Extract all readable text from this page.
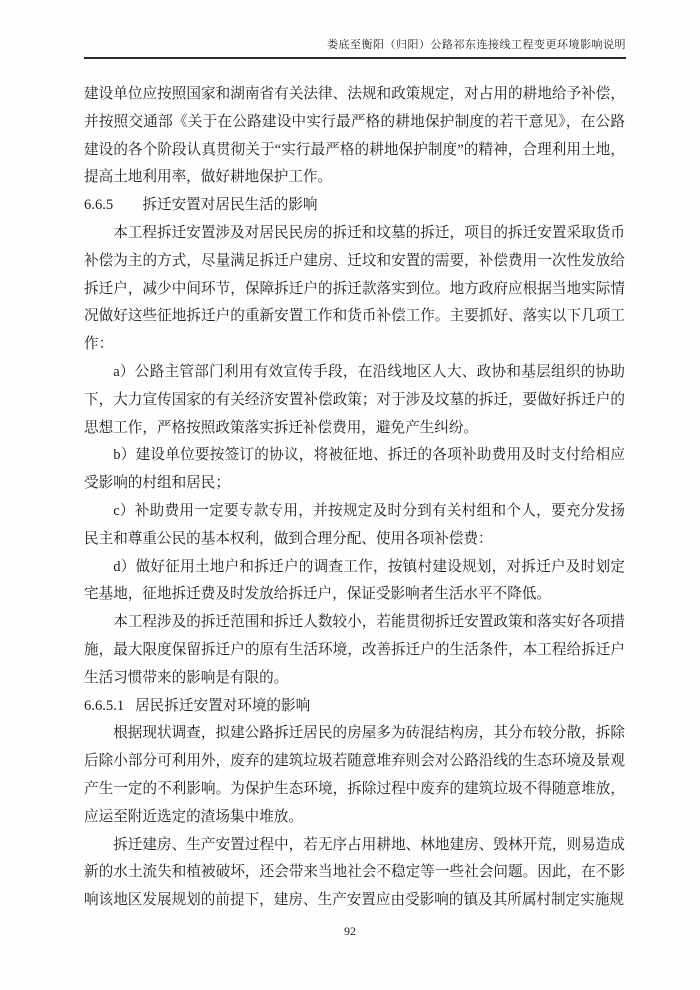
娄底至衡阳（归阳）公路祁东连接线工程变更环境影响说明

建设单位应按照国家和湖南省有关法律、法规和政策规定，对占用的耕地给予补偿，并按照交通部《关于在公路建设中实行最严格的耕地保护制度的若干意见》，在公路建设的各个阶段认真贯彻关于“实行最严格的耕地保护制度”的精神，合理利用土地，提高土地利用率，做好耕地保护工作。

6.6.5 拆迁安置对居民生活的影响

本工程拆迁安置涉及对居民民房的拆迁和坟墓的拆迁，项目的拆迁安置采取货币补偿为主的方式，尽量满足拆迁户建房、迁坟和安置的需要，补偿费用一次性发放给拆迁户，减少中间环节，保障拆迁户的拆迁款落实到位。地方政府应根据当地实际情况做好这些征地拆迁户的重新安置工作和货币补偿工作。主要抓好、落实以下几项工作：

a）公路主管部门利用有效宣传手段，在沿线地区人大、政协和基层组织的协助下，大力宣传国家的有关经济安置补偿政策；对于涉及坟墓的拆迁，要做好拆迁户的思想工作，严格按照政策落实拆迁补偿费用，避免产生纠纷。

b）建设单位要按签订的协议，将被征地、拆迁的各项补助费用及时支付给相应受影响的村组和居民；

c）补助费用一定要专款专用，并按规定及时分到有关村组和个人，要充分发扬民主和尊重公民的基本权利，做到合理分配、使用各项补偿费：

d）做好征用土地户和拆迁户的调查工作，按镇村建设规划，对拆迁户及时划定宅基地，征地拆迁费及时发放给拆迁户，保证受影响者生活水平不降低。

本工程涉及的拆迁范围和拆迁人数较小，若能贯彻拆迁安置政策和落实好各项措施，最大限度保留拆迁户的原有生活环境，改善拆迁户的生活条件，本工程给拆迁户生活习惯带来的影响是有限的。

6.6.5.1 居民拆迁安置对环境的影响

根据现状调查，拟建公路拆迁居民的房屋多为砖混结构房，其分布较分散，拆除后除小部分可利用外，废弃的建筑垃圾若随意堆弃则会对公路沿线的生态环境及景观产生一定的不利影响。为保护生态环境，拆除过程中废弃的建筑垃圾不得随意堆放，应运至附近选定的渣场集中堆放。

拆迁建房、生产安置过程中，若无序占用耕地、林地建房、毁林开荒，则易造成新的水土流失和植被破坏，还会带来当地社会不稳定等一些社会问题。因此，在不影响该地区发展规划的前提下，建房、生产安置应由受影响的镇及其所属村制定实施规

92
